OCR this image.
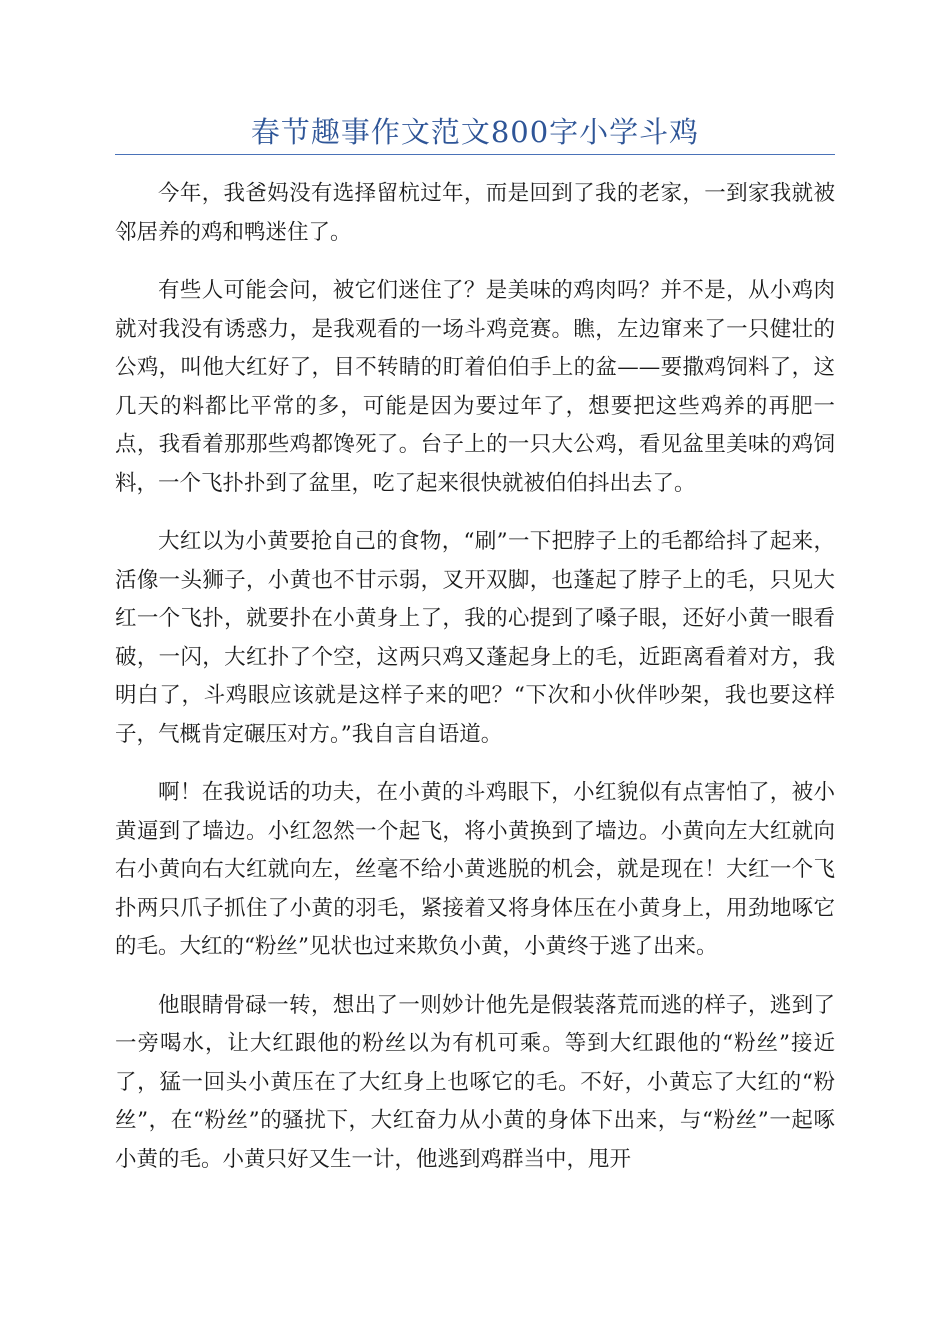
春节趣事作文范文800字小学斗鸡

今年，我爸妈没有选择留杭过年，而是回到了我的老家，一到家我就被邻居养的鸡和鸭迷住了。

有些人可能会问，被它们迷住了？是美味的鸡肉吗？并不是，从小鸡肉就对我没有诱惑力，是我观看的一场斗鸡竞赛。瞧，左边窜来了一只健壮的公鸡，叫他大红好了，目不转睛的盯着伯伯手上的盆——要撒鸡饲料了，这几天的料都比平常的多，可能是因为要过年了，想要把这些鸡养的再肥一点，我看着那那些鸡都馋死了。台子上的一只大公鸡，看见盆里美味的鸡饲料，一个飞扑扑到了盆里，吃了起来很快就被伯伯抖出去了。

大红以为小黄要抢自己的食物，“刷”一下把脖子上的毛都给抖了起来，活像一头狮子，小黄也不甘示弱，叉开双脚，也蓬起了脖子上的毛，只见大红一个飞扑，就要扑在小黄身上了，我的心提到了嗓子眼，还好小黄一眼看破，一闪，大红扑了个空，这两只鸡又蓬起身上的毛，近距离看着对方，我明白了，斗鸡眼应该就是这样子来的吧？“下次和小伙伴吵架，我也要这样子，气概肯定碾压对方。”我自言自语道。

啊！在我说话的功夫，在小黄的斗鸡眼下，小红貌似有点害怕了，被小黄逼到了墙边。小红忽然一个起飞，将小黄换到了墙边。小黄向左大红就向右小黄向右大红就向左，丝毫不给小黄逃脱的机会，就是现在！大红一个飞扑两只爪子抓住了小黄的羽毛，紧接着又将身体压在小黄身上，用劲地啄它的毛。大红的“粉丝”见状也过来欺负小黄，小黄终于逃了出来。

他眼睛骨碌一转，想出了一则妙计他先是假装落荒而逃的样子，逃到了一旁喝水，让大红跟他的粉丝以为有机可乘。等到大红跟他的“粉丝”接近了，猛一回头小黄压在了大红身上也啄它的毛。不好，小黄忘了大红的“粉丝”，在“粉丝”的骚扰下，大红奋力从小黄的身体下出来，与“粉丝”一起啄小黄的毛。小黄只好又生一计，他逃到鸡群当中，甩开
